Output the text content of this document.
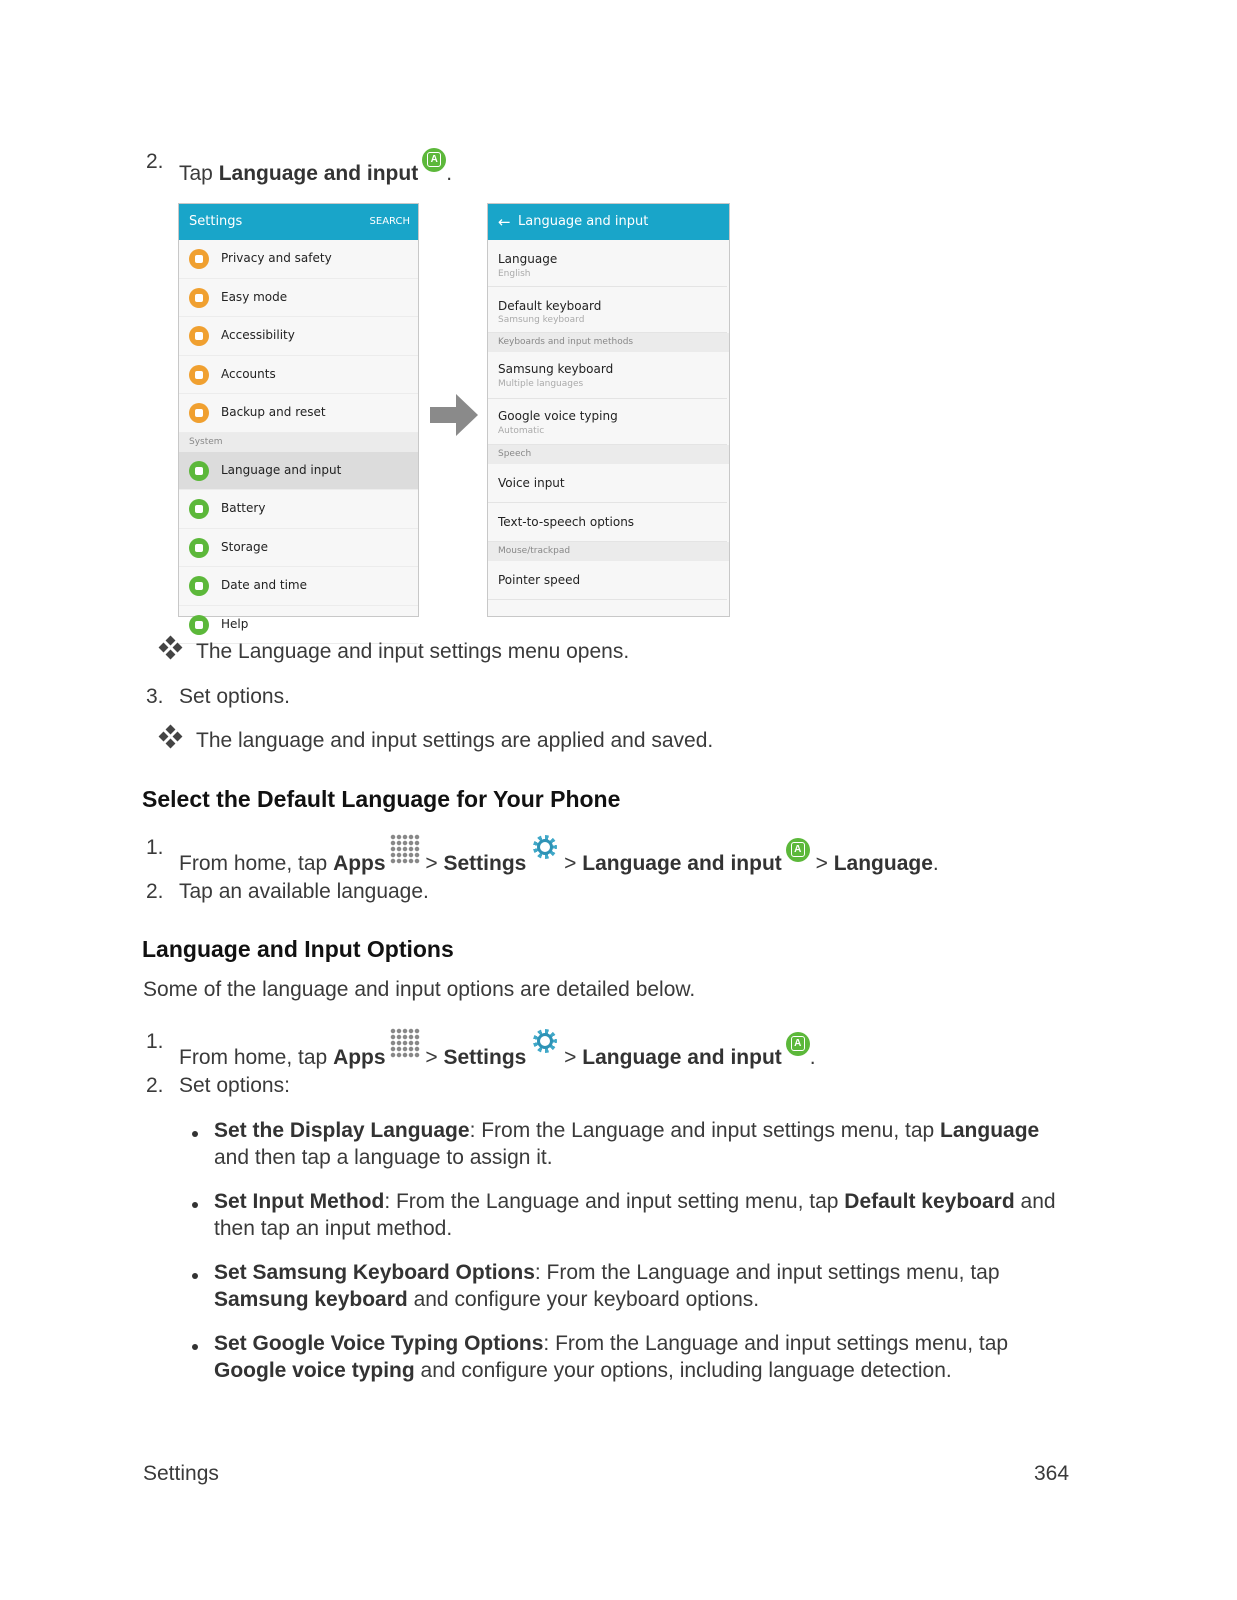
2.
Tap Language and inputA .
Settings	SEARCH
Privacy and safety
Easy mode
Accessibility
Accounts
Backup and reset
System
Language and input
Battery
Storage
Date and time
Help
← Language and input
Language
English
Default keyboard
Samsung keyboard
Keyboards and input methods
Samsung keyboard
Multiple languages
Google voice typing
Automatic
Speech
Voice input
Text-to-speech options
Mouse/trackpad
Pointer speed
The Language and input settings menu opens.
3. Set options.
The language and input settings are applied and saved.
Select the Default Language for Your Phone
1.
From home, tap Apps > Settings > Language and inputA > Language.
2. Tap an available language.
Language and Input Options
Some of the language and input options are detailed below.
1.
From home, tap Apps > Settings > Language and inputA .
2. Set options:
Set the Display Language: From the Language and input settings menu, tap Language
and then tap a language to assign it.
Set Input Method: From the Language and input setting menu, tap Default keyboard and
then tap an input method.
Set Samsung Keyboard Options: From the Language and input settings menu, tap
Samsung keyboard and configure your keyboard options.
Set Google Voice Typing Options: From the Language and input settings menu, tap
Google voice typing and configure your options, including language detection.
Settings	364
